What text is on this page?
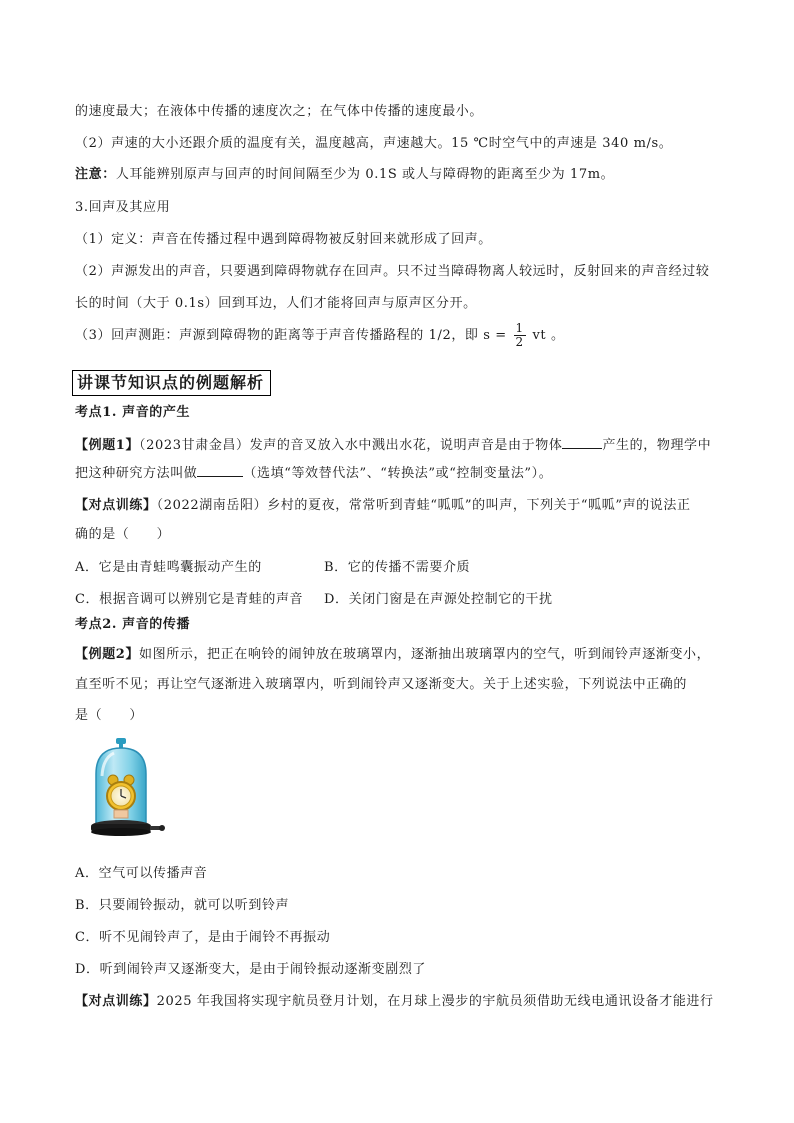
的速度最大；在液体中传播的速度次之；在气体中传播的速度最小。
（2）声速的大小还跟介质的温度有关，温度越高，声速越大。15 ℃时空气中的声速是 340 m/s。
注意：人耳能辨别原声与回声的时间间隔至少为 0.1S 或人与障碍物的距离至少为 17m。
3.回声及其应用
（1）定义：声音在传播过程中遇到障碍物被反射回来就形成了回声。
（2）声源发出的声音，只要遇到障碍物就存在回声。只不过当障碍物离人较远时，反射回来的声音经过较
长的时间（大于 0.1s）回到耳边，人们才能将回声与原声区分开。
（3）回声测距：声源到障碍物的距离等于声音传播路程的 1/2，即 $s = \frac{1}{2}$ vt 。
讲课节知识点的例题解析
考点1. 声音的产生
【例题1】（2023甘肃金昌）发声的音叉放入水中溅出水花，说明声音是由于物体	产生的，物理学中
把这种研究方法叫做	（选填“等效替代法”、“转换法”或“控制变量法”）。
【对点训练】（2022湖南岳阳）乡村的夏夜，常常听到青蛙“呱呱”的叫声，下列关于“呱呱”声的说法正
确的是（　　）
A．它是由青蛙鸣囊振动产生的	B．它的传播不需要介质
C．根据音调可以辨别它是青蛙的声音 D．关闭门窗是在声源处控制它的干扰
考点2. 声音的传播
【例题2】如图所示，把正在响铃的闹钟放在玻璃罩内，逐渐抽出玻璃罩内的空气，听到闹铃声逐渐变小，
直至听不见；再让空气逐渐进入玻璃罩内，听到闹铃声又逐渐变大。关于上述实验，下列说法中正确的
是（　　）
A．空气可以传播声音
B．只要闹铃振动，就可以听到铃声
C．听不见闹铃声了，是由于闹铃不再振动
D．听到闹铃声又逐渐变大，是由于闹铃振动逐渐变剧烈了
【对点训练】2025 年我国将实现宇航员登月计划，在月球上漫步的宇航员须借助无线电通讯设备才能进行
